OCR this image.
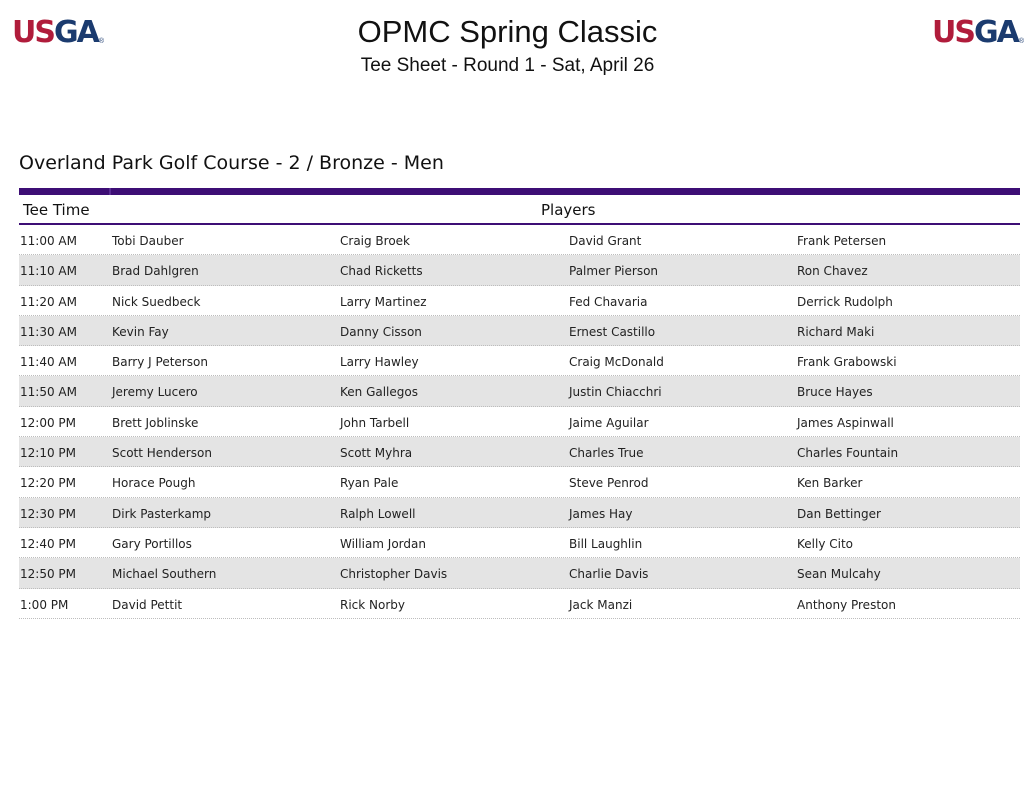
USGA ®	OPMC Spring Classic
Tee Sheet - Round 1 - Sat, April 26
USGA ®
Overland Park Golf Course - 2 / Bronze - Men
Tee Time	Players
11:00 AM	Tobi Dauber	Craig Broek	David Grant	Frank Petersen
11:10 AM	Brad Dahlgren	Chad Ricketts	Palmer Pierson	Ron Chavez
11:20 AM	Nick Suedbeck	Larry Martinez	Fed Chavaria	Derrick Rudolph
11:30 AM	Kevin Fay	Danny Cisson	Ernest Castillo	Richard Maki
11:40 AM	Barry J Peterson	Larry Hawley	Craig McDonald	Frank Grabowski
11:50 AM	Jeremy Lucero	Ken Gallegos	Justin Chiacchri	Bruce Hayes
12:00 PM	Brett Joblinske	John Tarbell	Jaime Aguilar	James Aspinwall
12:10 PM	Scott Henderson	Scott Myhra	Charles True	Charles Fountain
12:20 PM	Horace Pough	Ryan Pale	Steve Penrod	Ken Barker
12:30 PM	Dirk Pasterkamp	Ralph Lowell	James Hay	Dan Bettinger
12:40 PM	Gary Portillos	William Jordan	Bill Laughlin	Kelly Cito
12:50 PM	Michael Southern	Christopher Davis	Charlie Davis	Sean Mulcahy
1:00 PM	David Pettit	Rick Norby	Jack Manzi	Anthony Preston
